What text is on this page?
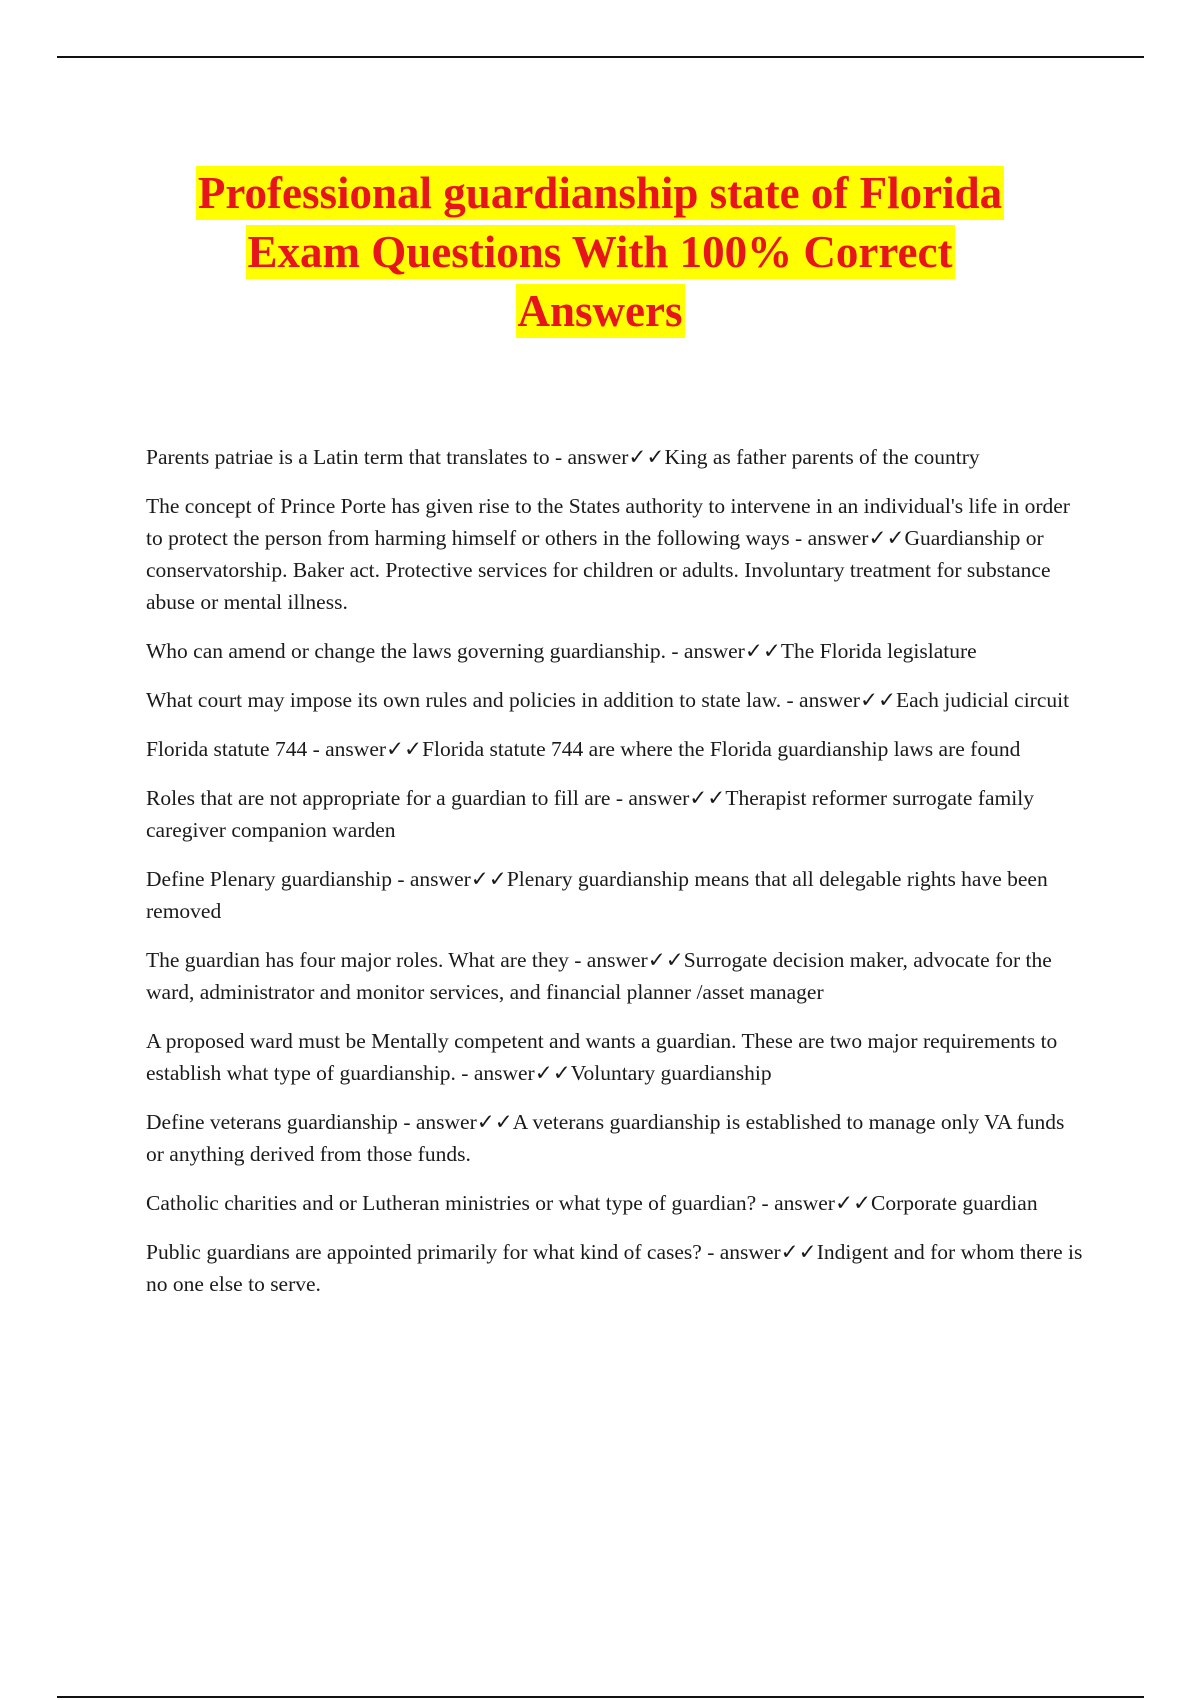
Professional guardianship state of Florida
Exam Questions With 100% Correct
Answers

Parents patriae is a Latin term that translates to - answer✓✓King as father parents of the country

The concept of Prince Porte has given rise to the States authority to intervene in an individual's life in order to protect the person from harming himself or others in the following ways - answer✓✓Guardianship or conservatorship. Baker act. Protective services for children or adults. Involuntary treatment for substance abuse or mental illness.

Who can amend or change the laws governing guardianship. - answer✓✓The Florida legislature

What court may impose its own rules and policies in addition to state law. - answer✓✓Each judicial circuit

Florida statute 744 - answer✓✓Florida statute 744 are where the Florida guardianship laws are found

Roles that are not appropriate for a guardian to fill are - answer✓✓Therapist reformer surrogate family caregiver companion warden

Define Plenary guardianship - answer✓✓Plenary guardianship means that all delegable rights have been removed

The guardian has four major roles. What are they - answer✓✓Surrogate decision maker, advocate for the ward, administrator and monitor services, and financial planner /asset manager

A proposed ward must be Mentally competent and wants a guardian. These are two major requirements to establish what type of guardianship. - answer✓✓Voluntary guardianship

Define veterans guardianship - answer✓✓A veterans guardianship is established to manage only VA funds or anything derived from those funds.

Catholic charities and or Lutheran ministries or what type of guardian? - answer✓✓Corporate guardian

Public guardians are appointed primarily for what kind of cases? - answer✓✓Indigent and for whom there is no one else to serve.
